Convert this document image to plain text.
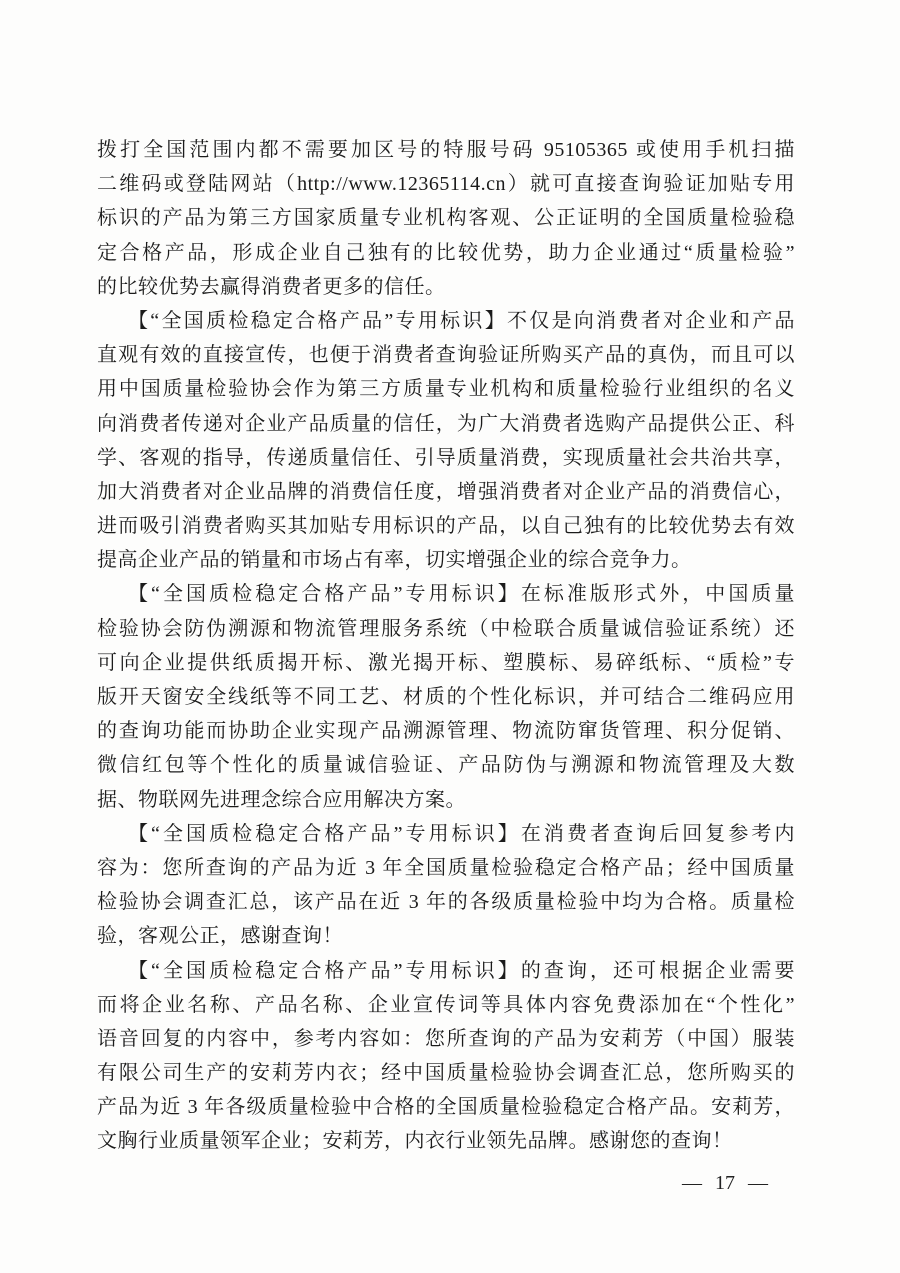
拨打全国范围内都不需要加区号的特服号码 95105365 或使用手机扫描
二维码或登陆网站（http://www.12365114.cn）就可直接查询验证加贴专用
标识的产品为第三方国家质量专业机构客观、公正证明的全国质量检验稳
定合格产品，形成企业自己独有的比较优势，助力企业通过“质量检验”
的比较优势去赢得消费者更多的信任。
【“全国质检稳定合格产品”专用标识】不仅是向消费者对企业和产品
直观有效的直接宣传，也便于消费者查询验证所购买产品的真伪，而且可以
用中国质量检验协会作为第三方质量专业机构和质量检验行业组织的名义
向消费者传递对企业产品质量的信任，为广大消费者选购产品提供公正、科
学、客观的指导，传递质量信任、引导质量消费，实现质量社会共治共享，
加大消费者对企业品牌的消费信任度，增强消费者对企业产品的消费信心，
进而吸引消费者购买其加贴专用标识的产品，以自己独有的比较优势去有效
提高企业产品的销量和市场占有率，切实增强企业的综合竞争力。
【“全国质检稳定合格产品”专用标识】在标准版形式外，中国质量
检验协会防伪溯源和物流管理服务系统（中检联合质量诚信验证系统）还
可向企业提供纸质揭开标、激光揭开标、塑膜标、易碎纸标、“质检”专
版开天窗安全线纸等不同工艺、材质的个性化标识，并可结合二维码应用
的查询功能而协助企业实现产品溯源管理、物流防窜货管理、积分促销、
微信红包等个性化的质量诚信验证、产品防伪与溯源和物流管理及大数
据、物联网先进理念综合应用解决方案。
【“全国质检稳定合格产品”专用标识】在消费者查询后回复参考内
容为：您所查询的产品为近 3 年全国质量检验稳定合格产品；经中国质量
检验协会调查汇总，该产品在近 3 年的各级质量检验中均为合格。质量检
验，客观公正，感谢查询！
【“全国质检稳定合格产品”专用标识】的查询，还可根据企业需要
而将企业名称、产品名称、企业宣传词等具体内容免费添加在“个性化”
语音回复的内容中，参考内容如：您所查询的产品为安莉芳（中国）服装
有限公司生产的安莉芳内衣；经中国质量检验协会调查汇总，您所购买的
产品为近 3 年各级质量检验中合格的全国质量检验稳定合格产品。安莉芳，
文胸行业质量领军企业；安莉芳，内衣行业领先品牌。感谢您的查询！
— 17 —
